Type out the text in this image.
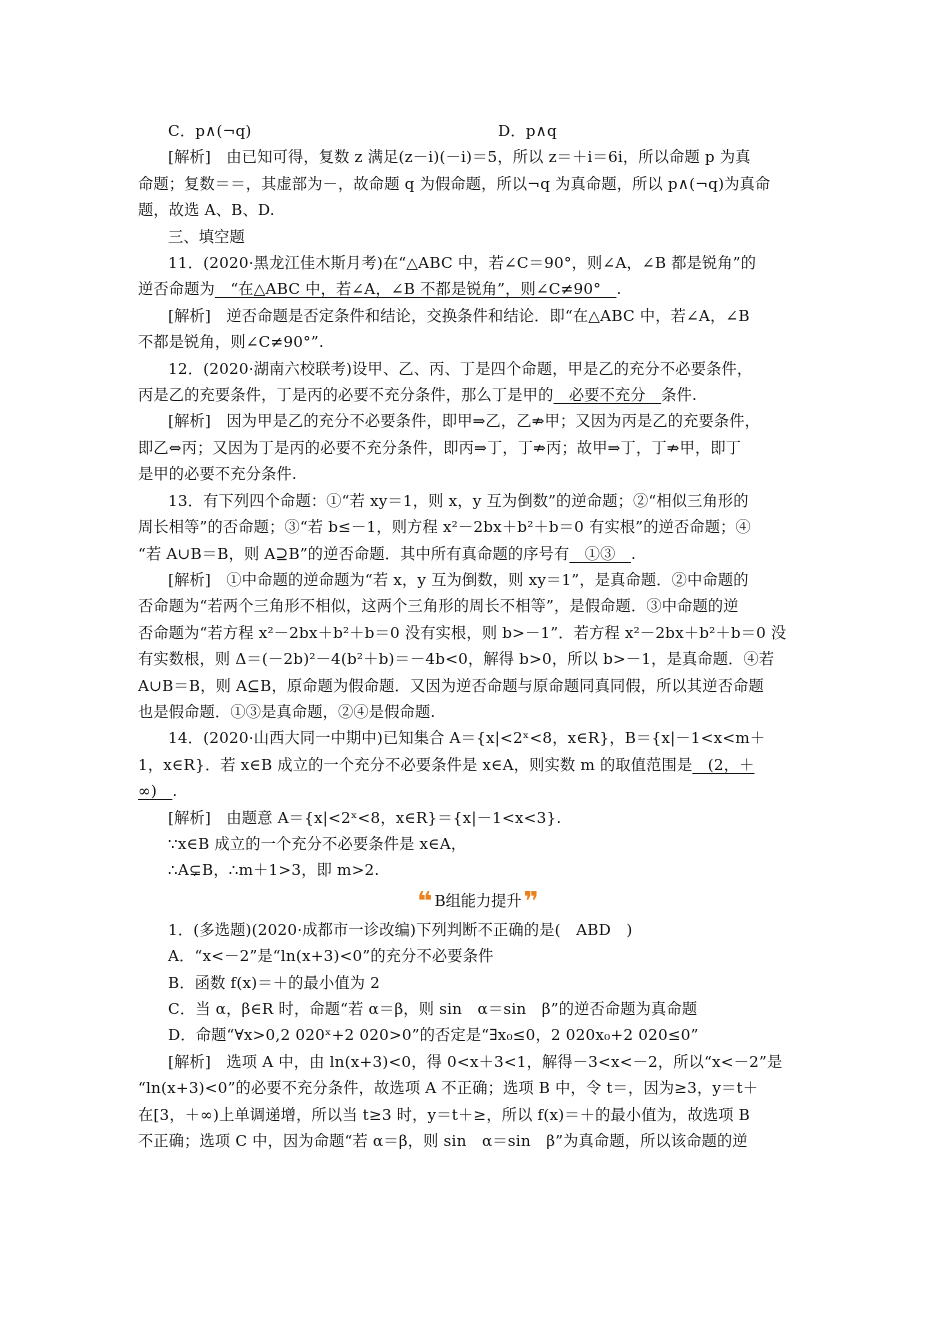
C．p∧(¬q)	D．p∧q
[解析]　由已知可得，复数 z 满足(z－i)(－i)＝5，所以 z＝＋i＝6i，所以命题 p 为真
命题；复数＝＝，其虚部为－，故命题 q 为假命题，所以¬q 为真命题，所以 p∧(¬q)为真命
题，故选 A、B、D.
三、填空题
11．(2020·黑龙江佳木斯月考)在“△ABC 中，若∠C＝90°，则∠A，∠B 都是锐角”的
逆否命题为　“在△ABC 中，若∠A，∠B 不都是锐角”，则∠C≠90°　.
[解析]　逆否命题是否定条件和结论，交换条件和结论．即“在△ABC 中，若∠A，∠B
不都是锐角，则∠C≠90°”.
12．(2020·湖南六校联考)设甲、乙、丙、丁是四个命题，甲是乙的充分不必要条件，
丙是乙的充要条件，丁是丙的必要不充分条件，那么丁是甲的　必要不充分　条件.
[解析]　因为甲是乙的充分不必要条件，即甲⇒乙，乙⇏甲；又因为丙是乙的充要条件，
即乙⇔丙；又因为丁是丙的必要不充分条件，即丙⇒丁，丁⇏丙；故甲⇒丁，丁⇏甲，即丁
是甲的必要不充分条件.
13．有下列四个命题：①“若 xy＝1，则 x，y 互为倒数”的逆命题；②“相似三角形的
周长相等”的否命题；③“若 b≤－1，则方程 x²－2bx＋b²＋b＝0 有实根”的逆否命题；④
“若 A∪B＝B，则 A⊇B”的逆否命题．其中所有真命题的序号有　①③　.
[解析]　①中命题的逆命题为“若 x，y 互为倒数，则 xy＝1”，是真命题．②中命题的
否命题为“若两个三角形不相似，这两个三角形的周长不相等”，是假命题．③中命题的逆
否命题为“若方程 x²－2bx＋b²＋b＝0 没有实根，则 b>－1”．若方程 x²－2bx＋b²＋b＝0 没
有实数根，则 Δ＝(－2b)²－4(b²＋b)＝－4b<0，解得 b>0，所以 b>－1，是真命题．④若
A∪B＝B，则 A⊆B，原命题为假命题．又因为逆否命题与原命题同真同假，所以其逆否命题
也是假命题．①③是真命题，②④是假命题.
14．(2020·山西大同一中期中)已知集合 A＝{x|<2ˣ<8，x∈R}，B＝{x|－1<x<m＋
1，x∈R}．若 x∈B 成立的一个充分不必要条件是 x∈A，则实数 m 的取值范围是　(2，＋
∞)　.
[解析]　由题意 A＝{x|<2ˣ<8，x∈R}＝{x|－1<x<3}.
∵x∈B 成立的一个充分不必要条件是 x∈A，
∴A⊊B，∴m＋1>3，即 m>2.
❝ B组能力提升❞
1．(多选题)(2020·成都市一诊改编)下列判断不正确的是(　ABD　)
A．“x<－2”是“ln(x+3)<0”的充分不必要条件
B．函数 f(x)＝＋的最小值为 2
C．当 α，β∈R 时，命题“若 α＝β，则 sin　α＝sin　β”的逆否命题为真命题
D．命题“∀x>0,2 020ˣ+2 020>0”的否定是“∃x₀≤0，2 020x₀+2 020≤0”
[解析]　选项 A 中，由 ln(x+3)<0，得 0<x＋3<1，解得－3<x<－2，所以“x<－2”是
“ln(x+3)<0”的必要不充分条件，故选项 A 不正确；选项 B 中，令 t＝，因为≥3，y＝t＋
在[3，＋∞)上单调递增，所以当 t≥3 时，y＝t＋≥，所以 f(x)＝＋的最小值为，故选项 B
不正确；选项 C 中，因为命题“若 α＝β，则 sin　α＝sin　β”为真命题，所以该命题的逆
